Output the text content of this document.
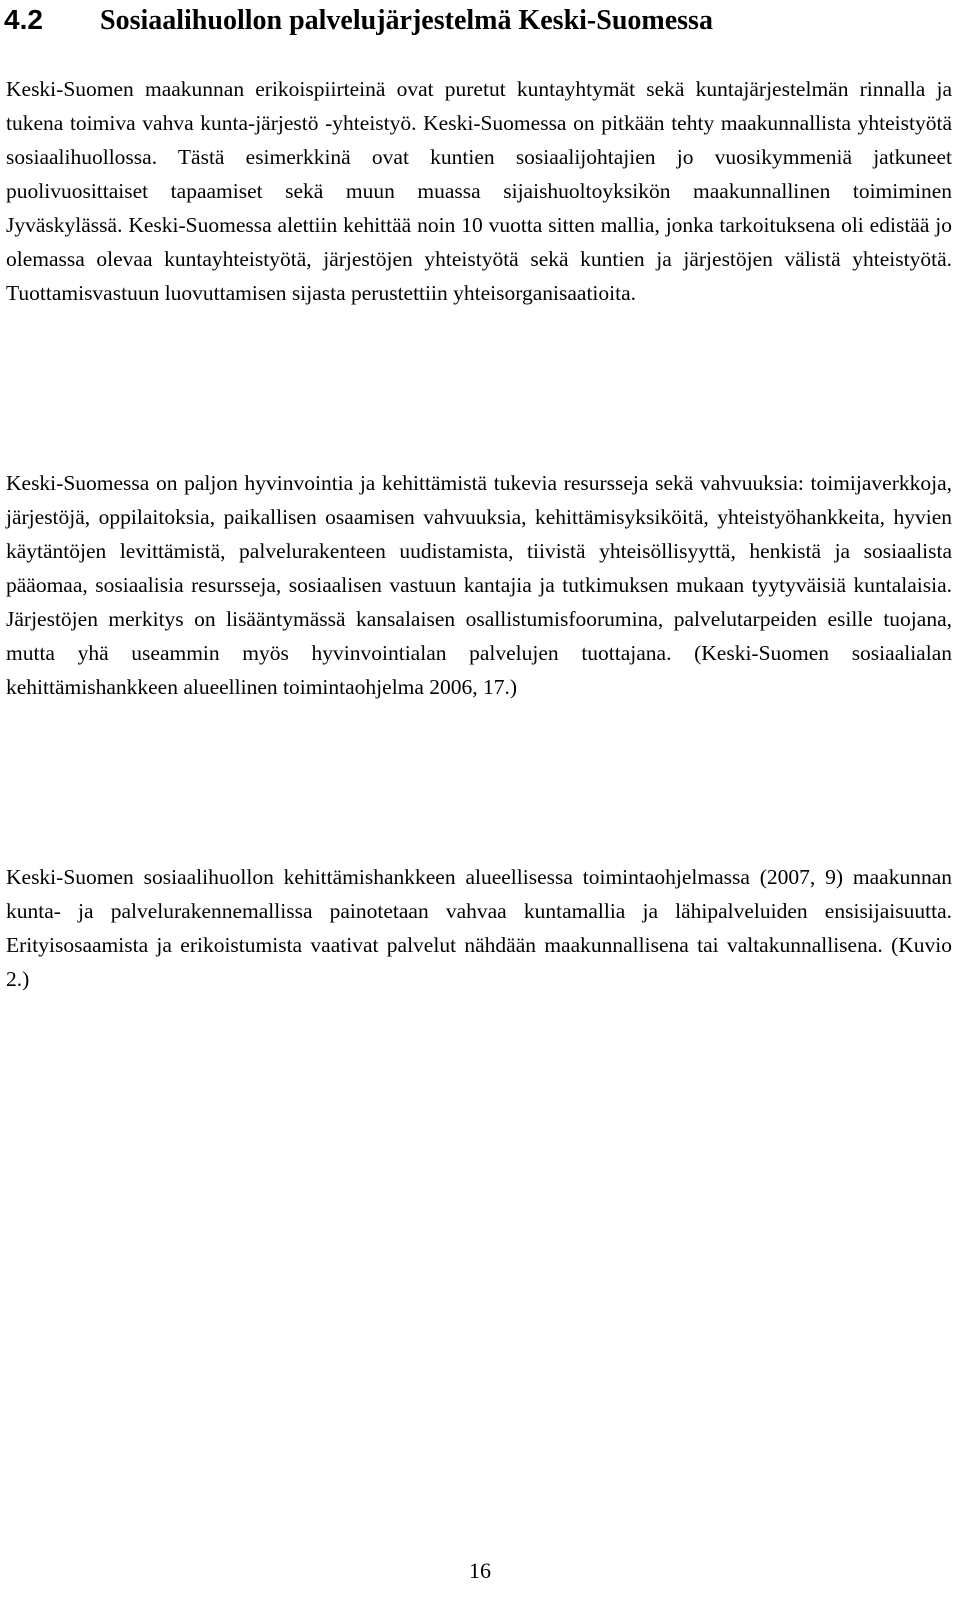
4.2 Sosiaalihuollon palvelujärjestelmä Keski-Suomessa

Keski-Suomen maakunnan erikoispiirteinä ovat puretut kuntayhtymät sekä kuntajärjestelmän rinnalla ja tukena toimiva vahva kunta-järjestö -yhteistyö. Keski-Suomessa on pitkään tehty maakunnallista yhteistyötä sosiaalihuollossa. Tästä esimerkkinä ovat kuntien sosiaalijohtajien jo vuosikymmeniä jatkuneet puolivuosittaiset tapaamiset sekä muun muassa sijaishuoltoyksikön maakunnallinen toimiminen Jyväskylässä. Keski-Suomessa alettiin kehittää noin 10 vuotta sitten mallia, jonka tarkoituksena oli edistää jo olemassa olevaa kuntayhteistyötä, järjestöjen yhteistyötä sekä kuntien ja järjestöjen välistä yhteistyötä. Tuottamisvastuun luovuttamisen sijasta perustettiin yhteisorganisaatioita.

Keski-Suomessa on paljon hyvinvointia ja kehittämistä tukevia resursseja sekä vahvuuksia: toimijaverkkoja, järjestöjä, oppilaitoksia, paikallisen osaamisen vahvuuksia, kehittämisyksiköitä, yhteistyöhankkeita, hyvien käytäntöjen levittämistä, palvelurakenteen uudistamista, tiivistä yhteisöllisyyttä, henkistä ja sosiaalista pääomaa, sosiaalisia resursseja, sosiaalisen vastuun kantajia ja tutkimuksen mukaan tyytyväisiä kuntalaisia. Järjestöjen merkitys on lisääntymässä kansalaisen osallistumisfoorumina, palvelutarpeiden esille tuojana, mutta yhä useammin myös hyvinvointialan palvelujen tuottajana. (Keski-Suomen sosiaalialan kehittämishankkeen alueellinen toimintaohjelma 2006, 17.)

Keski-Suomen sosiaalihuollon kehittämishankkeen alueellisessa toimintaohjelmassa (2007, 9) maakunnan kunta- ja palvelurakennemallissa painotetaan vahvaa kuntamallia ja lähipalveluiden ensisijaisuutta. Erityisosaamista ja erikoistumista vaativat palvelut nähdään maakunnallisena tai valtakunnallisena. (Kuvio 2.)

16
